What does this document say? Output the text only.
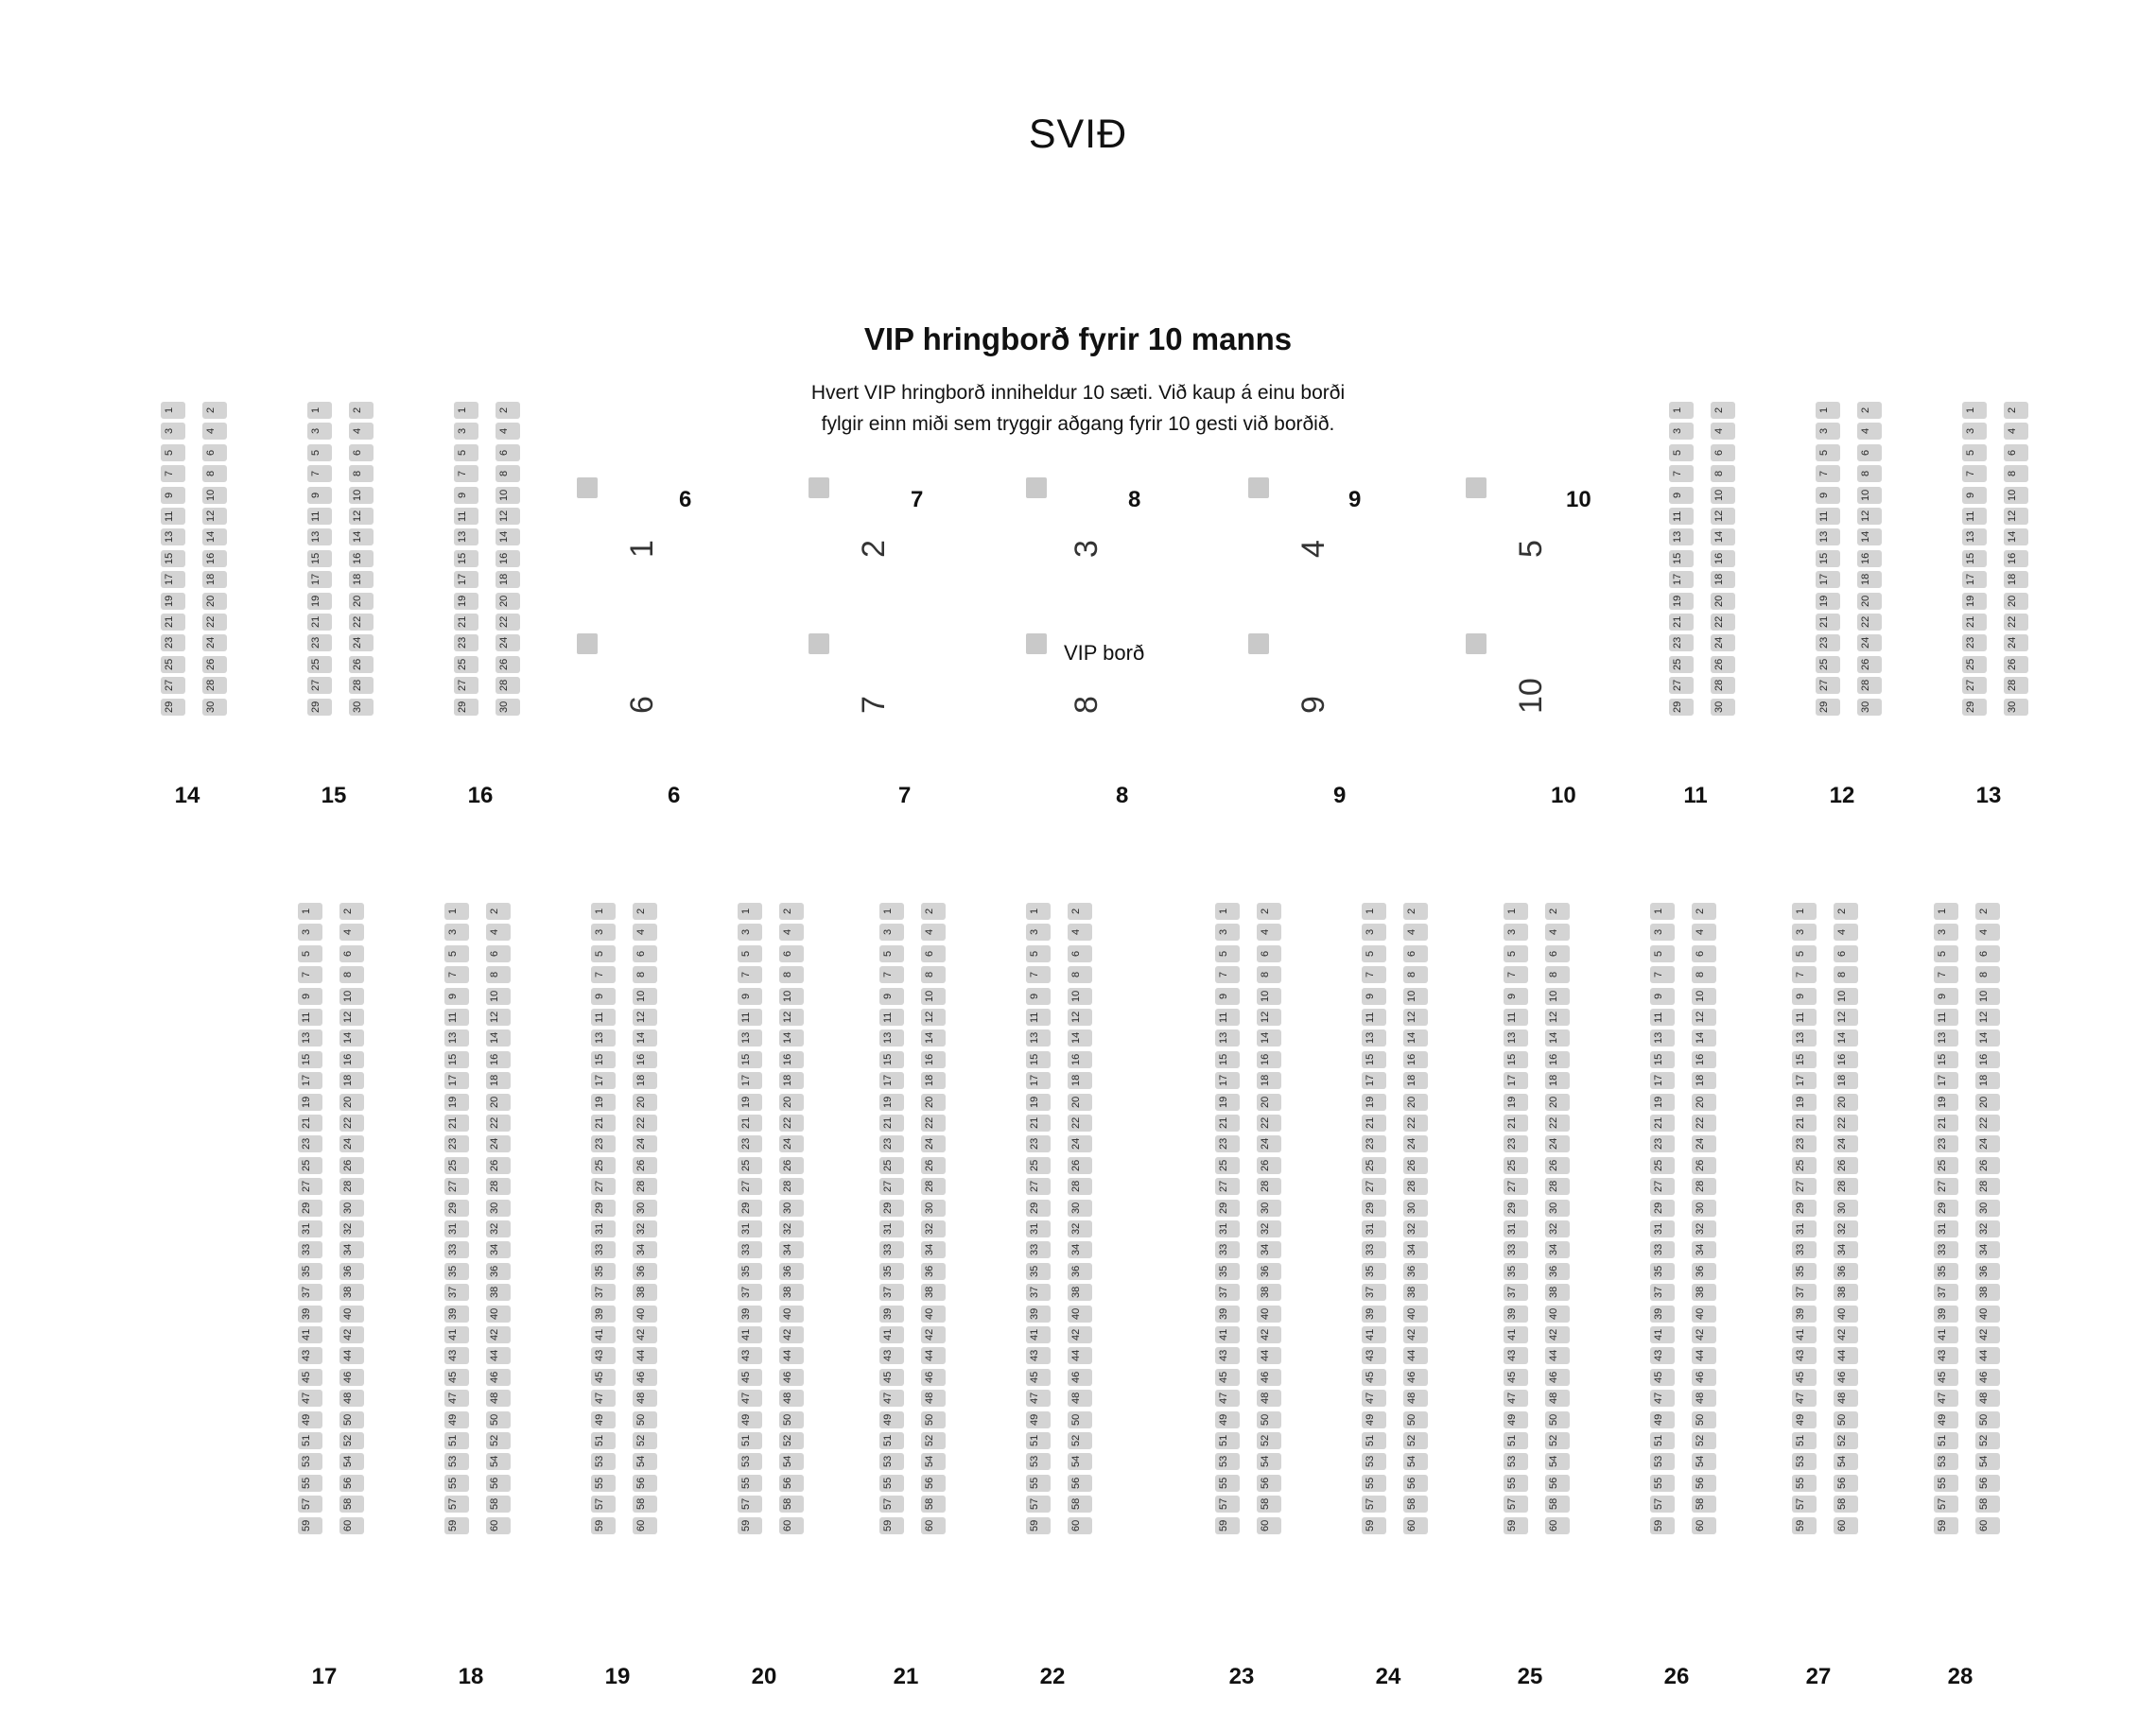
SVIÐ
VIP hringborð fyrir 10 manns
Hvert VIP hringborð inniheldur 10 sæti. Við kaup á einu borði
fylgir einn miði sem tryggir aðgang fyrir 10 gesti við borðið.
1	2
3	4
5	6
7	8
9	10
11	12
13	14
15	16
17	18
19	20
21	22
23	24
25	26
27	28
29	30
14
1	2
3	4
5	6
7	8
9	10
11	12
13	14
15	16
17	18
19	20
21	22
23	24
25	26
27	28
29	30
15
1	2
3	4
5	6
7	8
9	10
11	12
13	14
15	16
17	18
19	20
21	22
23	24
25	26
27	28
29	30
16
1	2
3	4
5	6
7	8
9	10
11	12
13	14
15	16
17	18
19	20
21	22
23	24
25	26
27	28
29	30
11
1	2
3	4
5	6
7	8
9	10
11	12
13	14
15	16
17	18
19	20
21	22
23	24
25	26
27	28
29	30
12
1	2
3	4
5	6
7	8
9	10
11	12
13	14
15	16
17	18
19	20
21	22
23	24
25	26
27	28
29	30
13
1
6
2
7
3
8
4
9
5
10
6	7	8	9	10
6	7	8	9	10
VIP borð
1	2
3	4
5	6
7	8
9	10
11	12
13	14
15	16
17	18
19	20
21	22
23	24
25	26
27	28
29	30
31	32
33	34
35	36
37	38
39	40
41	42
43	44
45	46
47	48
49	50
51	52
53	54
55	56
57	58
59	60
17
1	2
3	4
5	6
7	8
9	10
11	12
13	14
15	16
17	18
19	20
21	22
23	24
25	26
27	28
29	30
31	32
33	34
35	36
37	38
39	40
41	42
43	44
45	46
47	48
49	50
51	52
53	54
55	56
57	58
59	60
18
1	2
3	4
5	6
7	8
9	10
11	12
13	14
15	16
17	18
19	20
21	22
23	24
25	26
27	28
29	30
31	32
33	34
35	36
37	38
39	40
41	42
43	44
45	46
47	48
49	50
51	52
53	54
55	56
57	58
59	60
19
1	2
3	4
5	6
7	8
9	10
11	12
13	14
15	16
17	18
19	20
21	22
23	24
25	26
27	28
29	30
31	32
33	34
35	36
37	38
39	40
41	42
43	44
45	46
47	48
49	50
51	52
53	54
55	56
57	58
59	60
20
1	2
3	4
5	6
7	8
9	10
11	12
13	14
15	16
17	18
19	20
21	22
23	24
25	26
27	28
29	30
31	32
33	34
35	36
37	38
39	40
41	42
43	44
45	46
47	48
49	50
51	52
53	54
55	56
57	58
59	60
21
1	2
3	4
5	6
7	8
9	10
11	12
13	14
15	16
17	18
19	20
21	22
23	24
25	26
27	28
29	30
31	32
33	34
35	36
37	38
39	40
41	42
43	44
45	46
47	48
49	50
51	52
53	54
55	56
57	58
59	60
22
1	2
3	4
5	6
7	8
9	10
11	12
13	14
15	16
17	18
19	20
21	22
23	24
25	26
27	28
29	30
31	32
33	34
35	36
37	38
39	40
41	42
43	44
45	46
47	48
49	50
51	52
53	54
55	56
57	58
59	60
23
1	2
3	4
5	6
7	8
9	10
11	12
13	14
15	16
17	18
19	20
21	22
23	24
25	26
27	28
29	30
31	32
33	34
35	36
37	38
39	40
41	42
43	44
45	46
47	48
49	50
51	52
53	54
55	56
57	58
59	60
24
1	2
3	4
5	6
7	8
9	10
11	12
13	14
15	16
17	18
19	20
21	22
23	24
25	26
27	28
29	30
31	32
33	34
35	36
37	38
39	40
41	42
43	44
45	46
47	48
49	50
51	52
53	54
55	56
57	58
59	60
25
1	2
3	4
5	6
7	8
9	10
11	12
13	14
15	16
17	18
19	20
21	22
23	24
25	26
27	28
29	30
31	32
33	34
35	36
37	38
39	40
41	42
43	44
45	46
47	48
49	50
51	52
53	54
55	56
57	58
59	60
26
1	2
3	4
5	6
7	8
9	10
11	12
13	14
15	16
17	18
19	20
21	22
23	24
25	26
27	28
29	30
31	32
33	34
35	36
37	38
39	40
41	42
43	44
45	46
47	48
49	50
51	52
53	54
55	56
57	58
59	60
27
1	2
3	4
5	6
7	8
9	10
11	12
13	14
15	16
17	18
19	20
21	22
23	24
25	26
27	28
29	30
31	32
33	34
35	36
37	38
39	40
41	42
43	44
45	46
47	48
49	50
51	52
53	54
55	56
57	58
59	60
28
